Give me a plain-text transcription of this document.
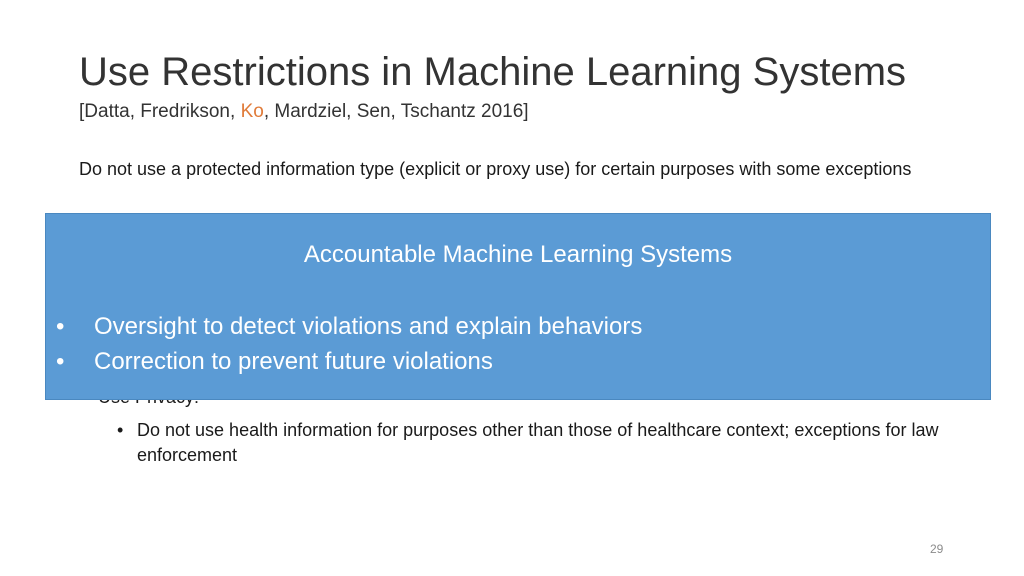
Use Restrictions in Machine Learning Systems
[Datta, Fredrikson, Ko, Mardziel, Sen, Tschantz 2016]
Do not use a protected information type (explicit or proxy use) for certain purposes with some exceptions
• Do not use health information for purposes other than those of healthcare context; exceptions for law enforcement
Accountable Machine Learning Systems
•	Oversight to detect violations and explain behaviors
•	Correction to prevent future violations
29
